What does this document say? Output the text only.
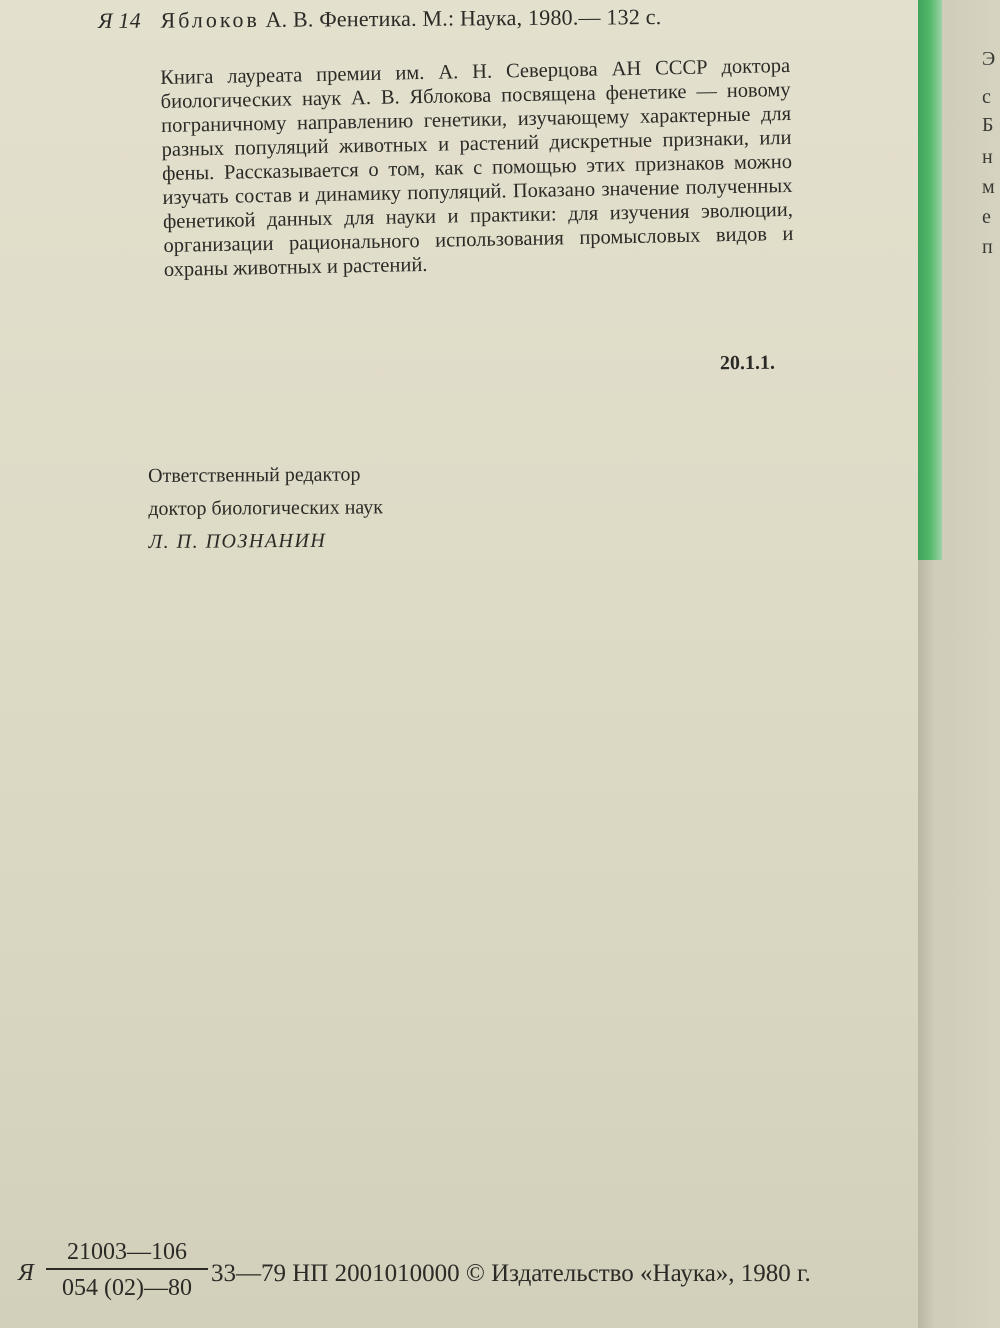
Я 14 Яблоков А. В. Фенетика. М.: Наука, 1980.— 132 с.

Книга лауреата премии им. А. Н. Северцова АН СССР доктора биологических наук А. В. Яблокова посвящена фенетике — новому пограничному направлению генетики, изучающему характерные для разных популяций животных и растений дискретные признаки, или фены. Рассказывается о том, как с помощью этих признаков можно изучать состав и динамику популяций. Показано значение полученных фенетикой данных для науки и практики: для изучения эволюции, организации рационального использования промысловых видов и охраны животных и растений.

20.1.1.
Ответственный редактор
доктор биологических наук
Л. П. ПОЗНАНИН
Я
21003—106
054 (02)—80
33—79 НП 2001010000 © Издательство «Наука», 1980 г.
Э
с
Б
н
м
е
п
